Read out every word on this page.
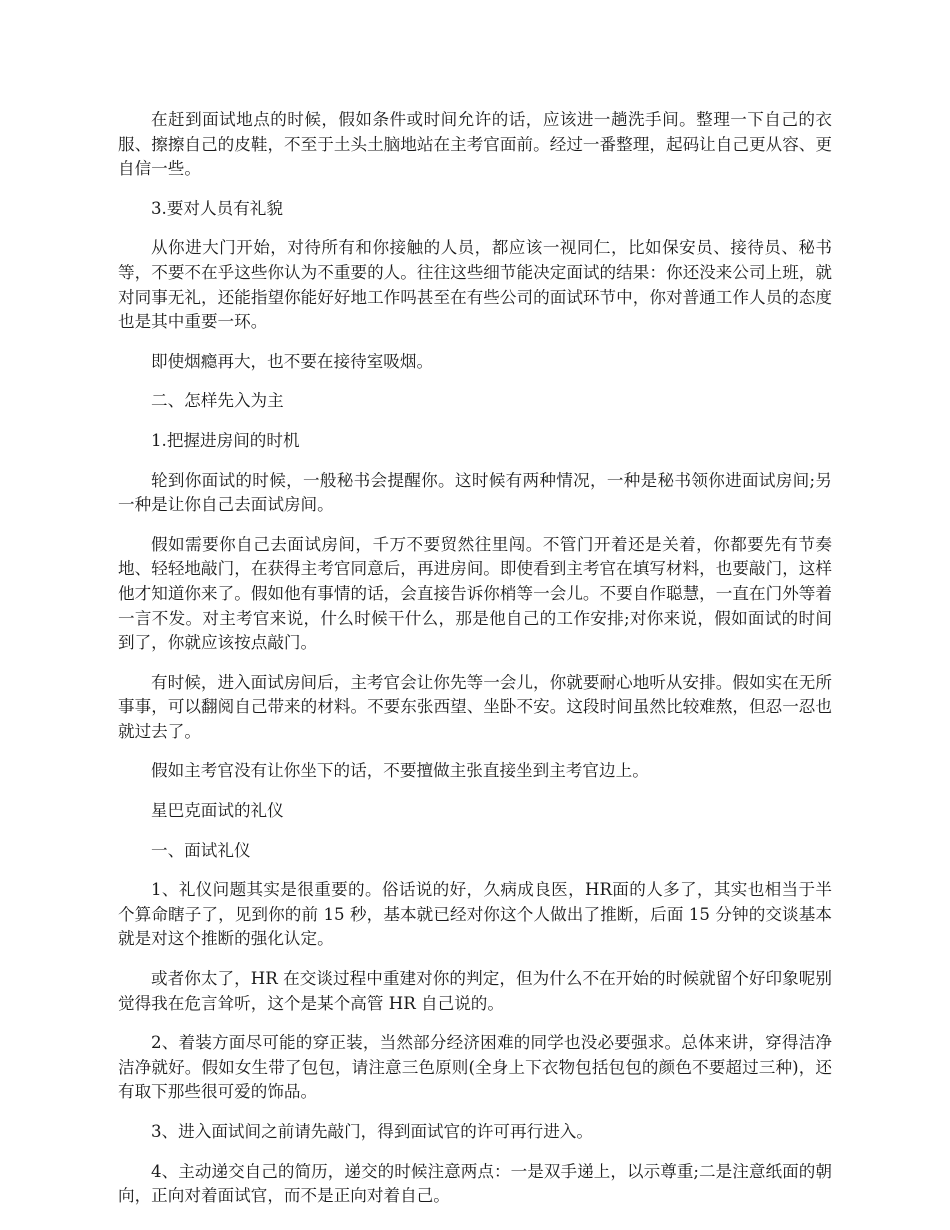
在赶到面试地点的时候，假如条件或时间允许的话，应该进一趟洗手间。整理一下自己的衣服、擦擦自己的皮鞋，不至于土头土脑地站在主考官面前。经过一番整理，起码让自己更从容、更自信一些。

3.要对人员有礼貌

从你进大门开始，对待所有和你接触的人员，都应该一视同仁，比如保安员、接待员、秘书等，不要不在乎这些你认为不重要的人。往往这些细节能决定面试的结果：你还没来公司上班，就对同事无礼，还能指望你能好好地工作吗甚至在有些公司的面试环节中，你对普通工作人员的态度也是其中重要一环。

即使烟瘾再大，也不要在接待室吸烟。

二、怎样先入为主

1.把握进房间的时机

轮到你面试的时候，一般秘书会提醒你。这时候有两种情况，一种是秘书领你进面试房间;另一种是让你自己去面试房间。

假如需要你自己去面试房间，千万不要贸然往里闯。不管门开着还是关着，你都要先有节奏地、轻轻地敲门，在获得主考官同意后，再进房间。即使看到主考官在填写材料，也要敲门，这样他才知道你来了。假如他有事情的话，会直接告诉你梢等一会儿。不要自作聪慧，一直在门外等着一言不发。对主考官来说，什么时候干什么，那是他自己的工作安排;对你来说，假如面试的时间到了，你就应该按点敲门。

有时候，进入面试房间后，主考官会让你先等一会儿，你就要耐心地听从安排。假如实在无所事事，可以翻阅自己带来的材料。不要东张西望、坐卧不安。这段时间虽然比较难熬，但忍一忍也就过去了。

假如主考官没有让你坐下的话，不要擅做主张直接坐到主考官边上。

星巴克面试的礼仪

一、面试礼仪

1、礼仪问题其实是很重要的。俗话说的好，久病成良医，HR面的人多了，其实也相当于半个算命瞎子了，见到你的前 15 秒，基本就已经对你这个人做出了推断，后面 15 分钟的交谈基本就是对这个推断的强化认定。

或者你太了，HR 在交谈过程中重建对你的判定，但为什么不在开始的时候就留个好印象呢别觉得我在危言耸听，这个是某个高管 HR 自己说的。

2、着装方面尽可能的穿正装，当然部分经济困难的同学也没必要强求。总体来讲，穿得洁净洁净就好。假如女生带了包包，请注意三色原则(全身上下衣物包括包包的颜色不要超过三种)，还有取下那些很可爱的饰品。

3、进入面试间之前请先敲门，得到面试官的许可再行进入。

4、主动递交自己的简历，递交的时候注意两点：一是双手递上，以示尊重;二是注意纸面的朝向，正向对着面试官，而不是正向对着自己。
